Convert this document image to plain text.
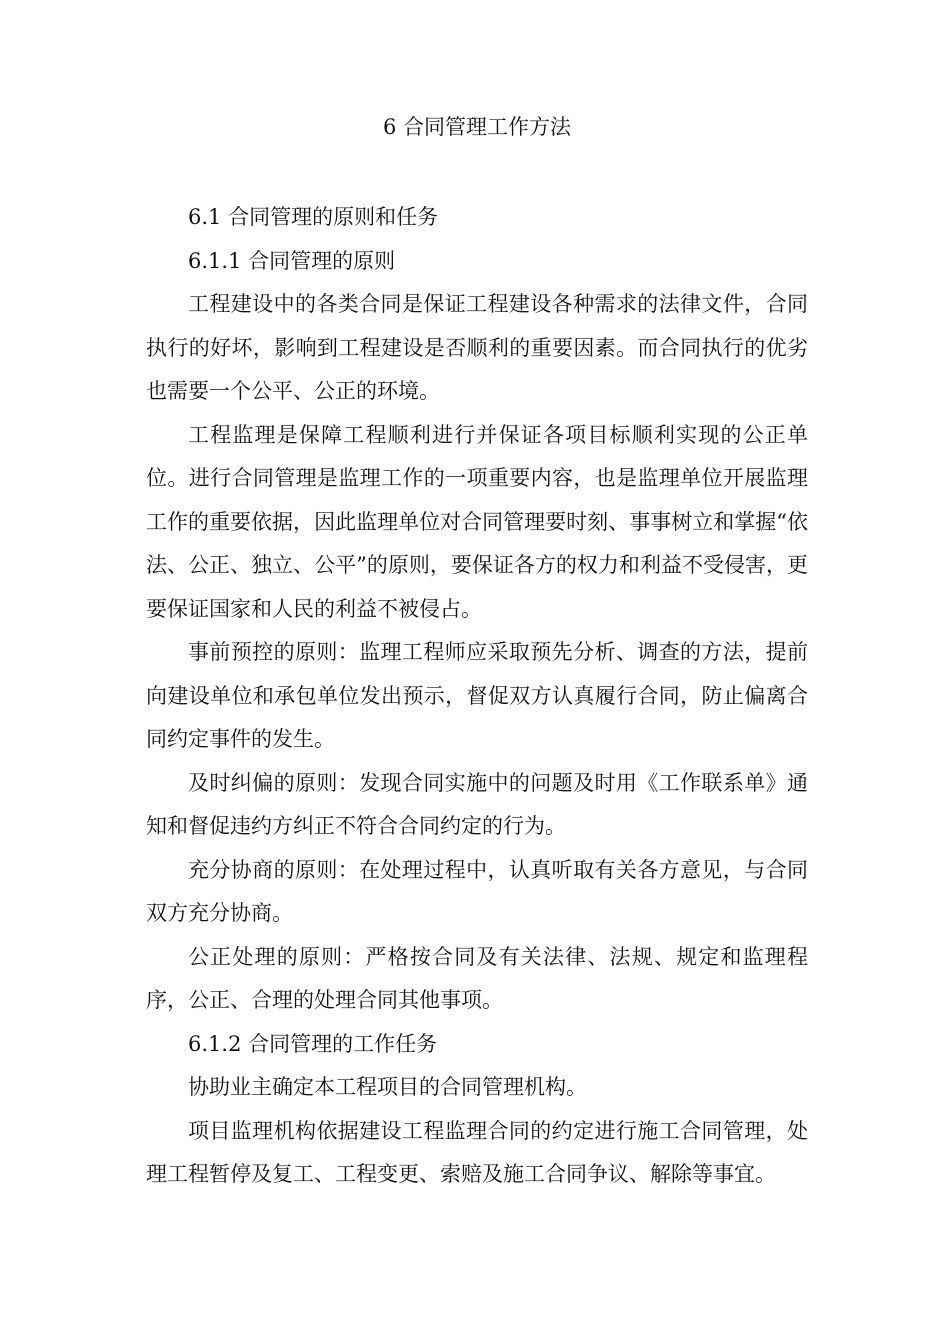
6 合同管理工作方法

6.1 合同管理的原则和任务

6.1.1 合同管理的原则

工程建设中的各类合同是保证工程建设各种需求的法律文件，合同执行的好坏，影响到工程建设是否顺利的重要因素。而合同执行的优劣也需要一个公平、公正的环境。

工程监理是保障工程顺利进行并保证各项目标顺利实现的公正单位。进行合同管理是监理工作的一项重要内容，也是监理单位开展监理工作的重要依据，因此监理单位对合同管理要时刻、事事树立和掌握“依法、公正、独立、公平”的原则，要保证各方的权力和利益不受侵害，更要保证国家和人民的利益不被侵占。

事前预控的原则：监理工程师应采取预先分析、调查的方法，提前向建设单位和承包单位发出预示，督促双方认真履行合同，防止偏离合同约定事件的发生。

及时纠偏的原则：发现合同实施中的问题及时用《工作联系单》通知和督促违约方纠正不符合合同约定的行为。

充分协商的原则：在处理过程中，认真听取有关各方意见，与合同双方充分协商。

公正处理的原则：严格按合同及有关法律、法规、规定和监理程序，公正、合理的处理合同其他事项。

6.1.2 合同管理的工作任务

协助业主确定本工程项目的合同管理机构。

项目监理机构依据建设工程监理合同的约定进行施工合同管理，处理工程暂停及复工、工程变更、索赔及施工合同争议、解除等事宜。
